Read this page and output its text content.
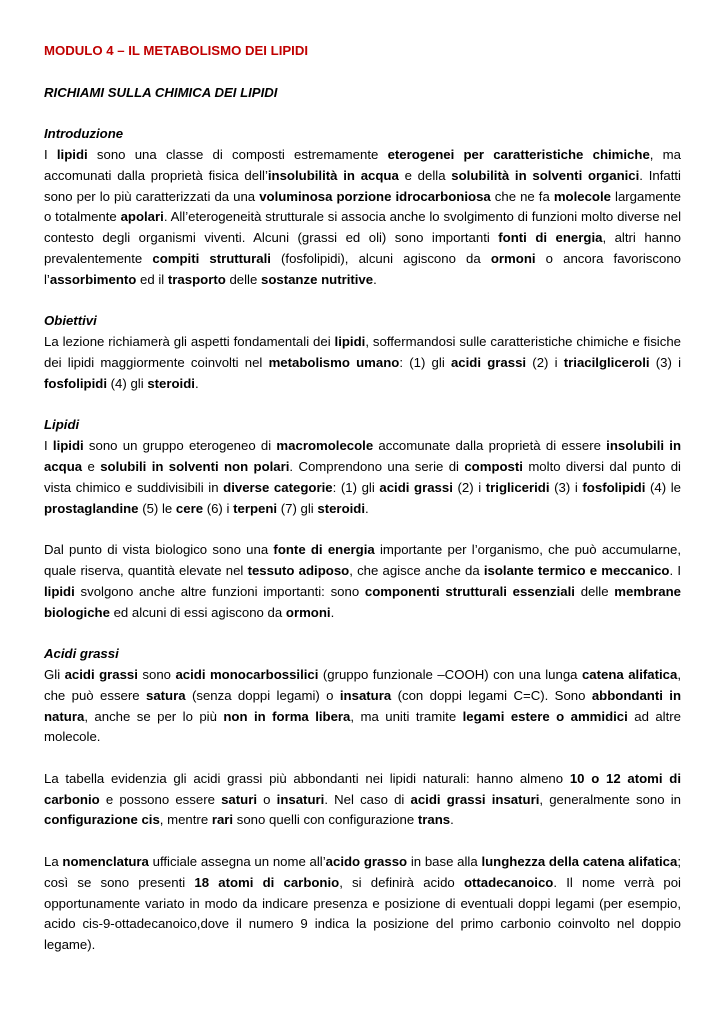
MODULO 4 – IL METABOLISMO DEI LIPIDI
RICHIAMI SULLA CHIMICA DEI LIPIDI
Introduzione

I lipidi sono una classe di composti estremamente eterogenei per caratteristiche chimiche, ma accomunati dalla proprietà fisica dell’insolubilità in acqua e della solubilità in solventi organici. Infatti sono per lo più caratterizzati da una voluminosa porzione idrocarboniosa che ne fa molecole largamente o totalmente apolari. All’eterogeneità strutturale si associa anche lo svolgimento di funzioni molto diverse nel contesto degli organismi viventi. Alcuni (grassi ed oli) sono importanti fonti di energia, altri hanno prevalentemente compiti strutturali (fosfolipidi), alcuni agiscono da ormoni o ancora favoriscono l’assorbimento ed il trasporto delle sostanze nutritive.

Obiettivi

La lezione richiamerà gli aspetti fondamentali dei lipidi, soffermandosi sulle caratteristiche chimiche e fisiche dei lipidi maggiormente coinvolti nel metabolismo umano: (1) gli acidi grassi (2) i triacilgliceroli (3) i fosfolipidi (4) gli steroidi.

Lipidi

I lipidi sono un gruppo eterogeneo di macromolecole accomunate dalla proprietà di essere insolubili in acqua e solubili in solventi non polari. Comprendono una serie di composti molto diversi dal punto di vista chimico e suddivisibili in diverse categorie: (1) gli acidi grassi (2) i trigliceridi (3) i fosfolipidi (4) le prostaglandine (5) le cere (6) i terpeni (7) gli steroidi.

Dal punto di vista biologico sono una fonte di energia importante per l’organismo, che può accumularne, quale riserva, quantità elevate nel tessuto adiposo, che agisce anche da isolante termico e meccanico. I lipidi svolgono anche altre funzioni importanti: sono componenti strutturali essenziali delle membrane biologiche ed alcuni di essi agiscono da ormoni.

Acidi grassi

Gli acidi grassi sono acidi monocarbossilici (gruppo funzionale –COOH) con una lunga catena alifatica, che può essere satura (senza doppi legami) o insatura (con doppi legami C=C). Sono abbondanti in natura, anche se per lo più non in forma libera, ma uniti tramite legami estere o ammidici ad altre molecole.

La tabella evidenzia gli acidi grassi più abbondanti nei lipidi naturali: hanno almeno 10 o 12 atomi di carbonio e possono essere saturi o insaturi. Nel caso di acidi grassi insaturi, generalmente sono in configurazione cis, mentre rari sono quelli con configurazione trans.

La nomenclatura ufficiale assegna un nome all’acido grasso in base alla lunghezza della catena alifatica; così se sono presenti 18 atomi di carbonio, si definirà acido ottadecanoico. Il nome verrà poi opportunamente variato in modo da indicare presenza e posizione di eventuali doppi legami (per esempio, acido cis-9-ottadecanoico,dove il numero 9 indica la posizione del primo carbonio coinvolto nel doppio legame).
